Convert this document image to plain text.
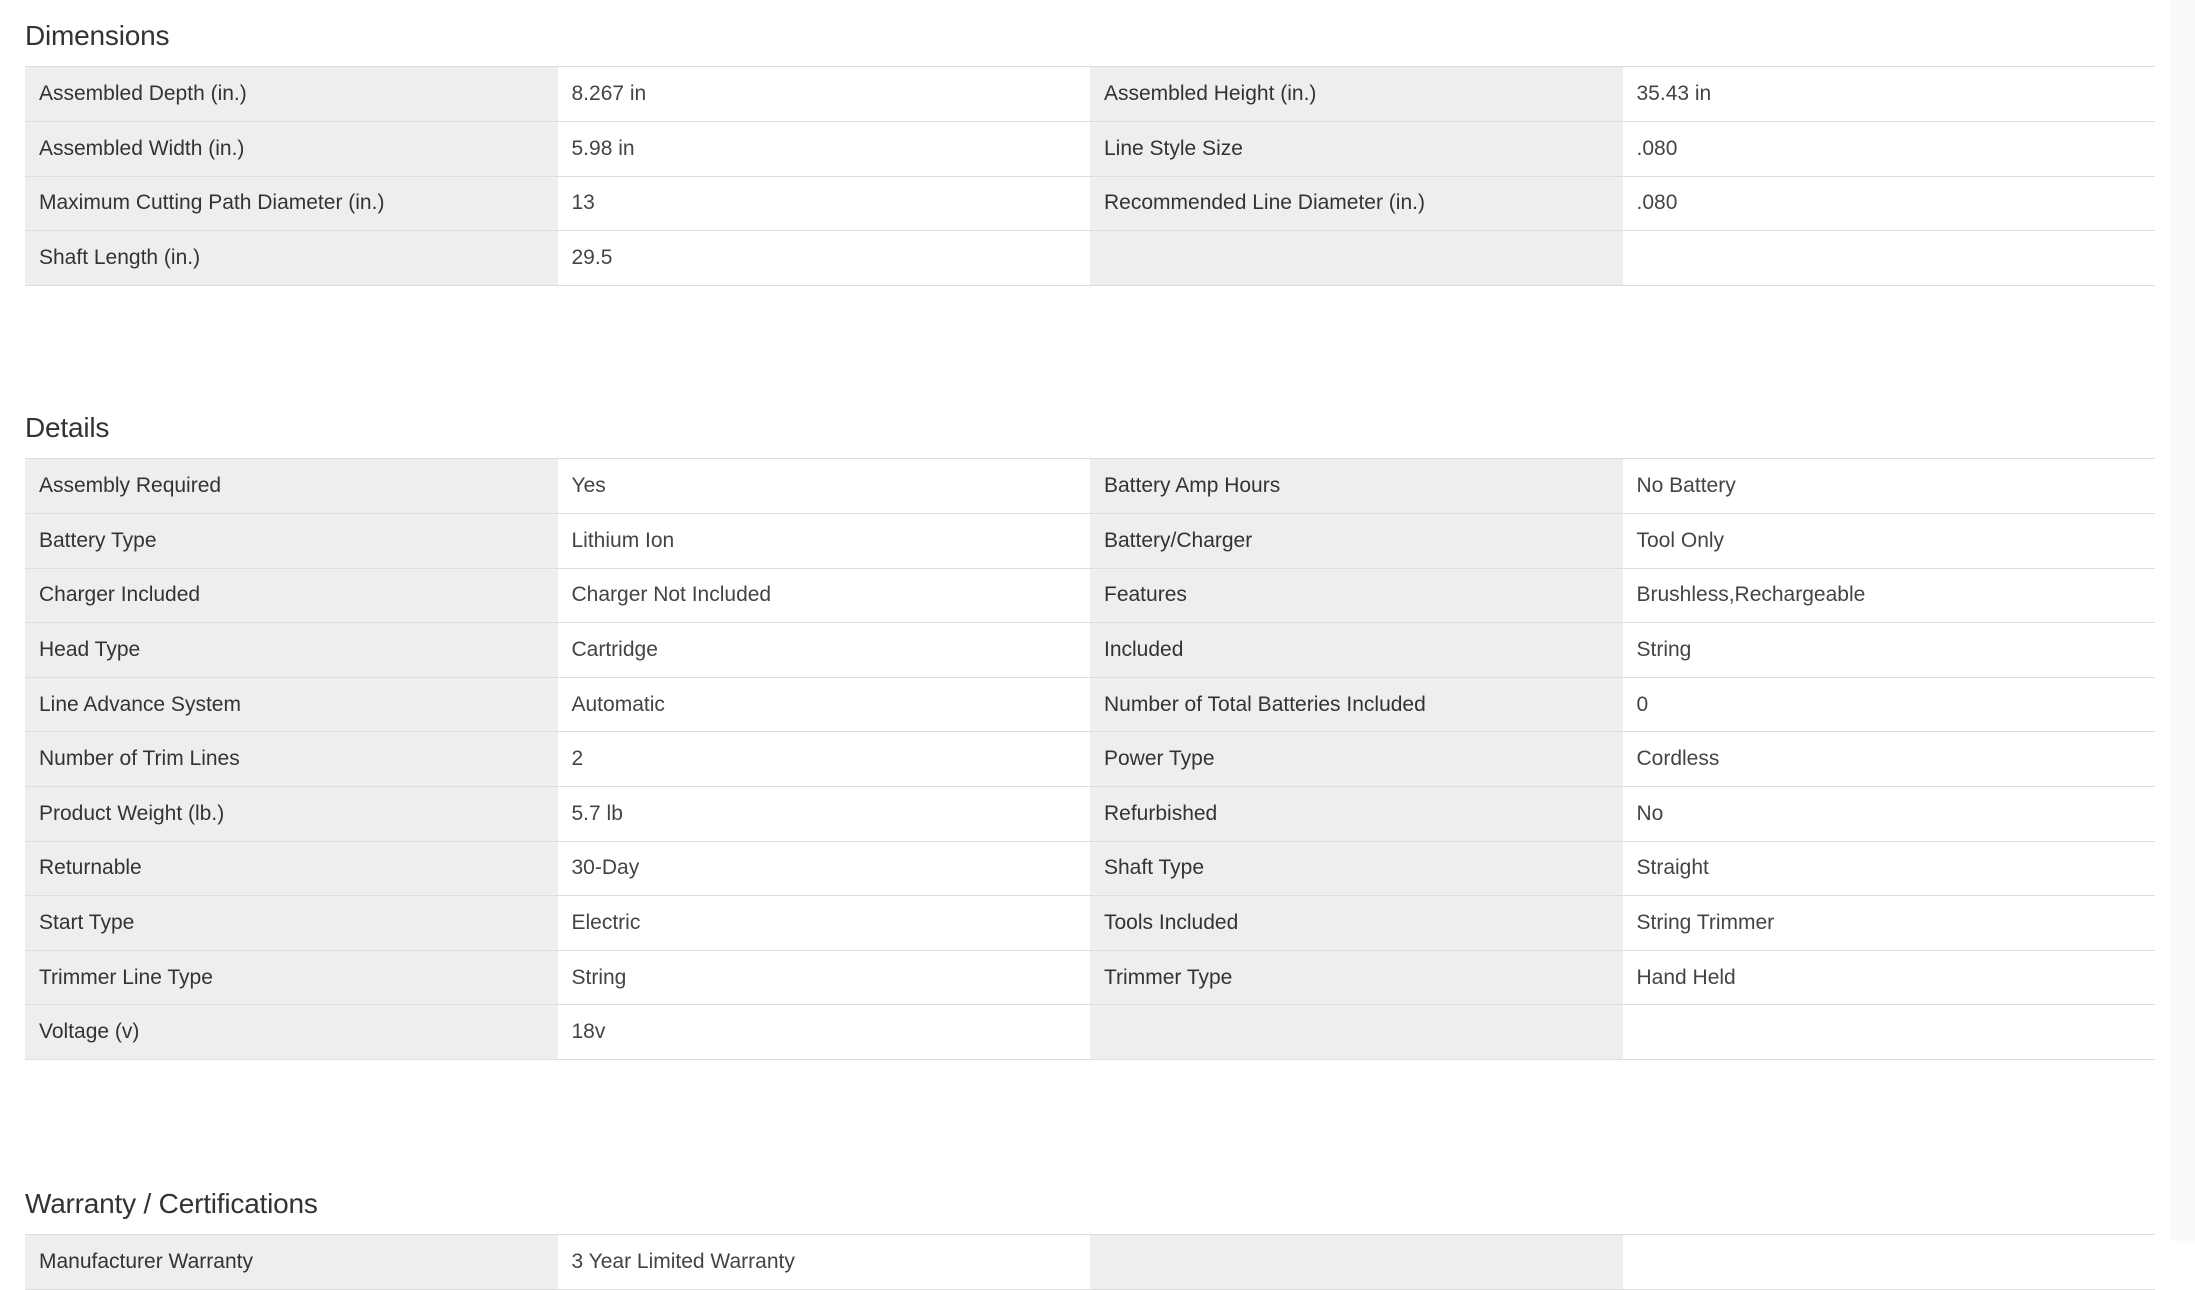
Dimensions
Assembled Depth (in.)	8.267 in	Assembled Height (in.)	35.43 in
Assembled Width (in.)	5.98 in	Line Style Size	.080
Maximum Cutting Path Diameter (in.)	13	Recommended Line Diameter (in.)	.080
Shaft Length (in.)	29.5		
Details
Assembly Required	Yes	Battery Amp Hours	No Battery
Battery Type	Lithium Ion	Battery/Charger	Tool Only
Charger Included	Charger Not Included	Features	Brushless,Rechargeable
Head Type	Cartridge	Included	String
Line Advance System	Automatic	Number of Total Batteries Included	0
Number of Trim Lines	2	Power Type	Cordless
Product Weight (lb.)	5.7 lb	Refurbished	No
Returnable	30-Day	Shaft Type	Straight
Start Type	Electric	Tools Included	String Trimmer
Trimmer Line Type	String	Trimmer Type	Hand Held
Voltage (v)	18v		
Warranty / Certifications
Manufacturer Warranty	3 Year Limited Warranty		
